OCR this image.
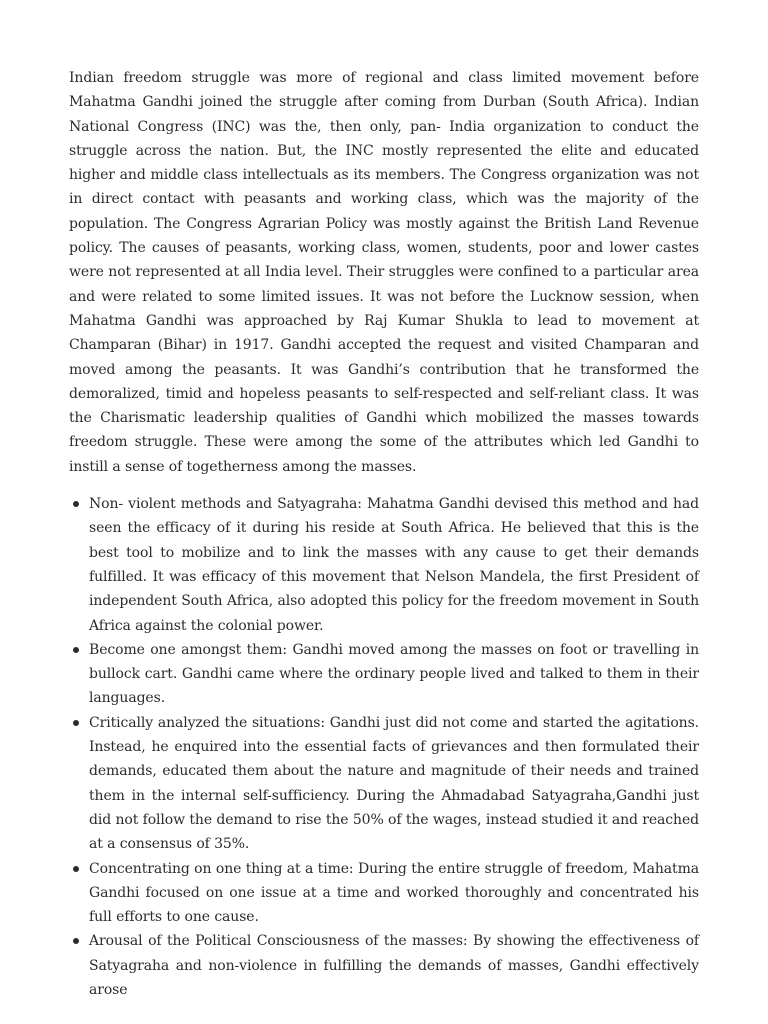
Indian freedom struggle was more of regional and class limited movement before Mahatma Gandhi joined the struggle after coming from Durban (South Africa). Indian National Congress (INC) was the, then only, pan- India organization to conduct the struggle across the nation. But, the INC mostly represented the elite and educated higher and middle class intellectuals as its members. The Congress organization was not in direct contact with peasants and working class, which was the majority of the population. The Congress Agrarian Policy was mostly against the British Land Revenue policy. The causes of peasants, working class, women, students, poor and lower castes were not represented at all India level. Their struggles were confined to a particular area and were related to some limited issues. It was not before the Lucknow session, when Mahatma Gandhi was approached by Raj Kumar Shukla to lead to movement at Champaran (Bihar) in 1917. Gandhi accepted the request and visited Champaran and moved among the peasants. It was Gandhi’s contribution that he transformed the demoralized, timid and hopeless peasants to self-respected and self-reliant class. It was the Charismatic leadership qualities of Gandhi which mobilized the masses towards freedom struggle. These were among the some of the attributes which led Gandhi to instill a sense of togetherness among the masses.

Non- violent methods and Satyagraha: Mahatma Gandhi devised this method and had seen the efficacy of it during his reside at South Africa. He believed that this is the best tool to mobilize and to link the masses with any cause to get their demands fulfilled. It was efficacy of this movement that Nelson Mandela, the first President of independent South Africa, also adopted this policy for the freedom movement in South Africa against the colonial power.
Become one amongst them: Gandhi moved among the masses on foot or travelling in bullock cart. Gandhi came where the ordinary people lived and talked to them in their languages.
Critically analyzed the situations: Gandhi just did not come and started the agitations. Instead, he enquired into the essential facts of grievances and then formulated their demands, educated them about the nature and magnitude of their needs and trained them in the internal self-sufficiency. During the Ahmadabad Satyagraha,Gandhi just did not follow the demand to rise the 50% of the wages, instead studied it and reached at a consensus of 35%.
Concentrating on one thing at a time: During the entire struggle of freedom, Mahatma Gandhi focused on one issue at a time and worked thoroughly and concentrated his full efforts to one cause.
Arousal of the Political Consciousness of the masses: By showing the effectiveness of Satyagraha and non-violence in fulfilling the demands of masses, Gandhi effectively arose
